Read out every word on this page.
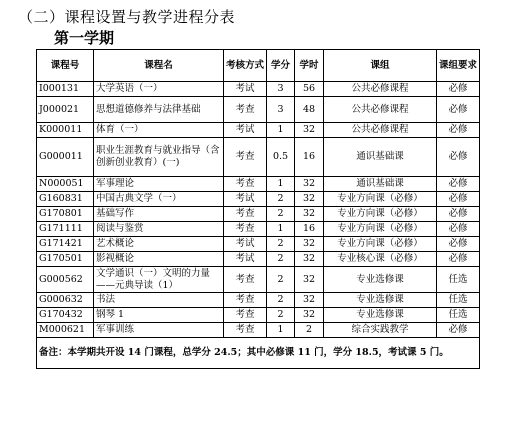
（二）课程设置与教学进程分表
第一学期
课程号	课程名	考核方式	学分	学时	课组	课组要求
I000131	大学英语（一）	考试	3	56	公共必修课程	必修
J000021	思想道德修养与法律基础	考查	3	48	公共必修课程	必修
K000011	体育（一）	考试	1	32	公共必修课程	必修
G000011	职业生涯教育与就业指导（含创新创业教育）(一)	考查	0.5	16	通识基础课	必修
N000051	军事理论	考查	1	32	通识基础课	必修
G160831	中国古典文学（一）	考试	2	32	专业方向课（必修）	必修
G170801	基础写作	考查	2	32	专业方向课（必修）	必修
G171111	阅读与鉴赏	考查	1	16	专业方向课（必修）	必修
G171421	艺术概论	考试	2	32	专业方向课（必修）	必修
G170501	影视概论	考试	2	32	专业核心课（必修）	必修
G000562	文学通识（一）文明的力量——元典导读（1）	考查	2	32	专业选修课	任选
G000632	书法	考查	2	32	专业选修课	任选
G170432	钢琴 1	考查	2	32	专业选修课	任选
M000621	军事训练	考查	1	2	综合实践教学	必修
备注：本学期共开设 14 门课程，总学分 24.5；其中必修课 11 门，学分 18.5，考试课 5 门。						
